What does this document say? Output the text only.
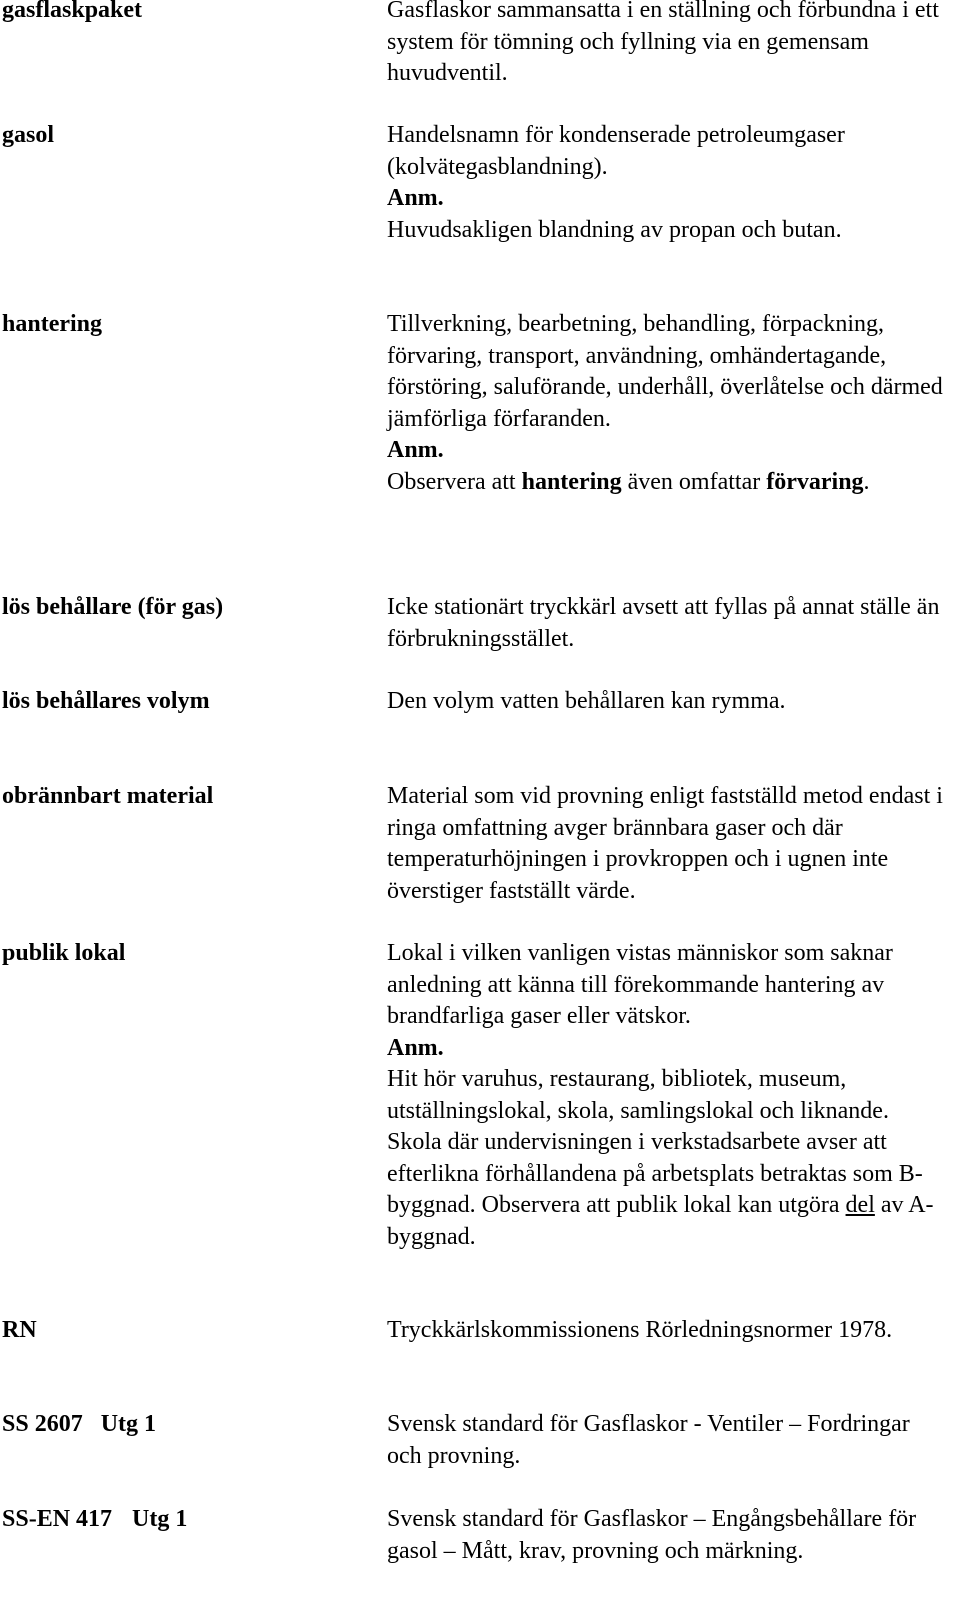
gasflaskpaket	Gasflaskor sammansatta i en ställning och förbundna i ett system för tömning och fyllning via en gemensam huvudventil.

gasol	Handelsnamn för kondenserade petroleumgaser (kolvätegasblandning).

Anm.
Huvudsakligen blandning av propan och butan.

hantering	Tillverkning, bearbetning, behandling, förpackning, förvaring, transport, användning, omhändertagande, förstöring, saluförande, underhåll, överlåtelse och därmed jämförliga förfaranden.

Anm.
Observera att hantering även omfattar förvaring.

lös behållare (för gas)	Icke stationärt tryckkärl avsett att fyllas på annat ställe än förbrukningsstället.

lös behållares volym	Den volym vatten behållaren kan rymma.

obrännbart material	Material som vid provning enligt fastställd metod endast i ringa omfattning avger brännbara gaser och där temperaturhöjningen i provkroppen och i ugnen inte överstiger fastställt värde.

publik lokal	Lokal i vilken vanligen vistas människor som saknar anledning att känna till förekommande hantering av brandfarliga gaser eller vätskor.

Anm.
Hit hör varuhus, restaurang, bibliotek, museum, utställningslokal, skola, samlingslokal och liknande. Skola där undervisningen i verkstadsarbete avser att efterlikna förhållandena på arbetsplats betraktas som B-byggnad. Observera att publik lokal kan utgöra del av A-byggnad.

RN	Tryckkärlskommissionens Rörledningsnormer 1978.

SS 2607 Utg 1	Svensk standard för Gasflaskor - Ventiler – Fordringar och provning.

SS-EN 417 Utg 1	Svensk standard för Gasflaskor – Engångsbehållare för gasol – Mått, krav, provning och märkning.
